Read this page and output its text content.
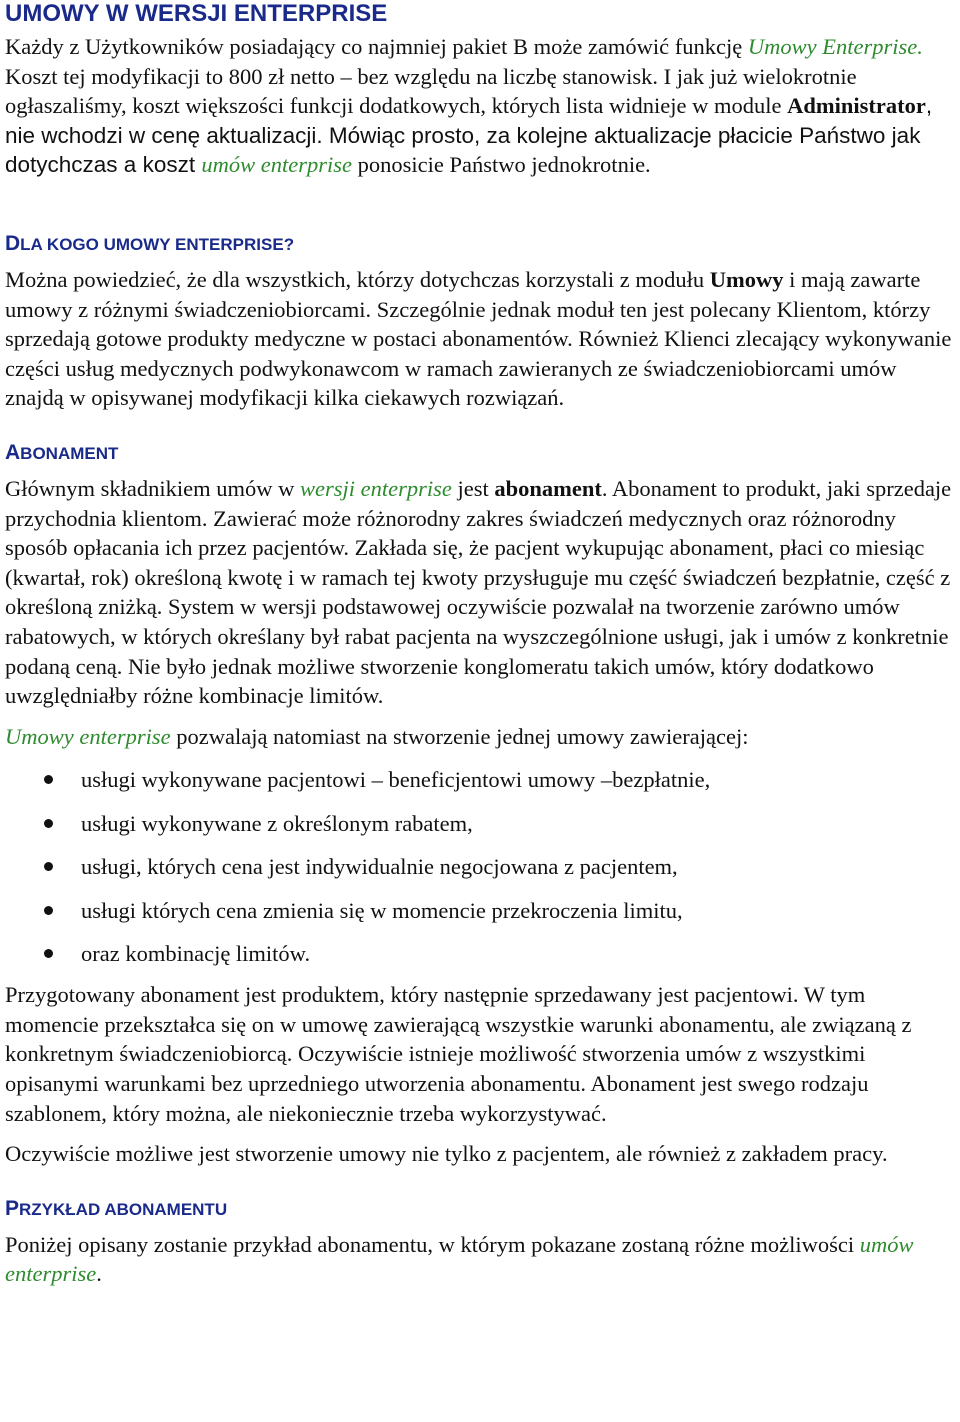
UMOWY W WERSJI ENTERPRISE

Każdy z Użytkowników posiadający co najmniej pakiet B może zamówić funkcję Umowy Enterprise. Koszt tej modyfikacji to 800 zł netto – bez względu na liczbę stanowisk. I jak już wielokrotnie ogłaszaliśmy, koszt większości funkcji dodatkowych, których lista widnieje w module Administrator, nie wchodzi w cenę aktualizacji. Mówiąc prosto, za kolejne aktualizacje płacicie Państwo jak dotychczas a koszt umów enterprise ponosicie Państwo jednokrotnie.

DLA KOGO UMOWY ENTERPRISE?

Można powiedzieć, że dla wszystkich, którzy dotychczas korzystali z modułu Umowy i mają zawarte umowy z różnymi świadczeniobiorcami. Szczególnie jednak moduł ten jest polecany Klientom, którzy sprzedają gotowe produkty medyczne w postaci abonamentów. Również Klienci zlecający wykonywanie części usług medycznych podwykonawcom w ramach zawieranych ze świadczeniobiorcami umów znajdą w opisywanej modyfikacji kilka ciekawych rozwiązań.

ABONAMENT

Głównym składnikiem umów w wersji enterprise jest abonament. Abonament to produkt, jaki sprzedaje przychodnia klientom. Zawierać może różnorodny zakres świadczeń medycznych oraz różnorodny sposób opłacania ich przez pacjentów. Zakłada się, że pacjent wykupując abonament, płaci co miesiąc (kwartał, rok) określoną kwotę i w ramach tej kwoty przysługuje mu część świadczeń bezpłatnie, część z określoną zniżką. System w wersji podstawowej oczywiście pozwalał na tworzenie zarówno umów rabatowych, w których określany był rabat pacjenta na wyszczególnione usługi, jak i umów z konkretnie podaną ceną. Nie było jednak możliwe stworzenie konglomeratu takich umów, który dodatkowo uwzględniałby różne kombinacje limitów.

Umowy enterprise pozwalają natomiast na stworzenie jednej umowy zawierającej:

usługi wykonywane pacjentowi – beneficjentowi umowy –bezpłatnie,
usługi wykonywane z określonym rabatem,
usługi, których cena jest indywidualnie negocjowana z pacjentem,
usługi których cena zmienia się w momencie przekroczenia limitu,
oraz kombinację limitów.

Przygotowany abonament jest produktem, który następnie sprzedawany jest pacjentowi. W tym momencie przekształca się on w umowę zawierającą wszystkie warunki abonamentu, ale związaną z konkretnym świadczeniobiorcą. Oczywiście istnieje możliwość stworzenia umów z wszystkimi opisanymi warunkami bez uprzedniego utworzenia abonamentu. Abonament jest swego rodzaju szablonem, który można, ale niekoniecznie trzeba wykorzystywać.

Oczywiście możliwe jest stworzenie umowy nie tylko z pacjentem, ale również z zakładem pracy.

PRZYKŁAD ABONAMENTU

Poniżej opisany zostanie przykład abonamentu, w którym pokazane zostaną różne możliwości umów enterprise.
